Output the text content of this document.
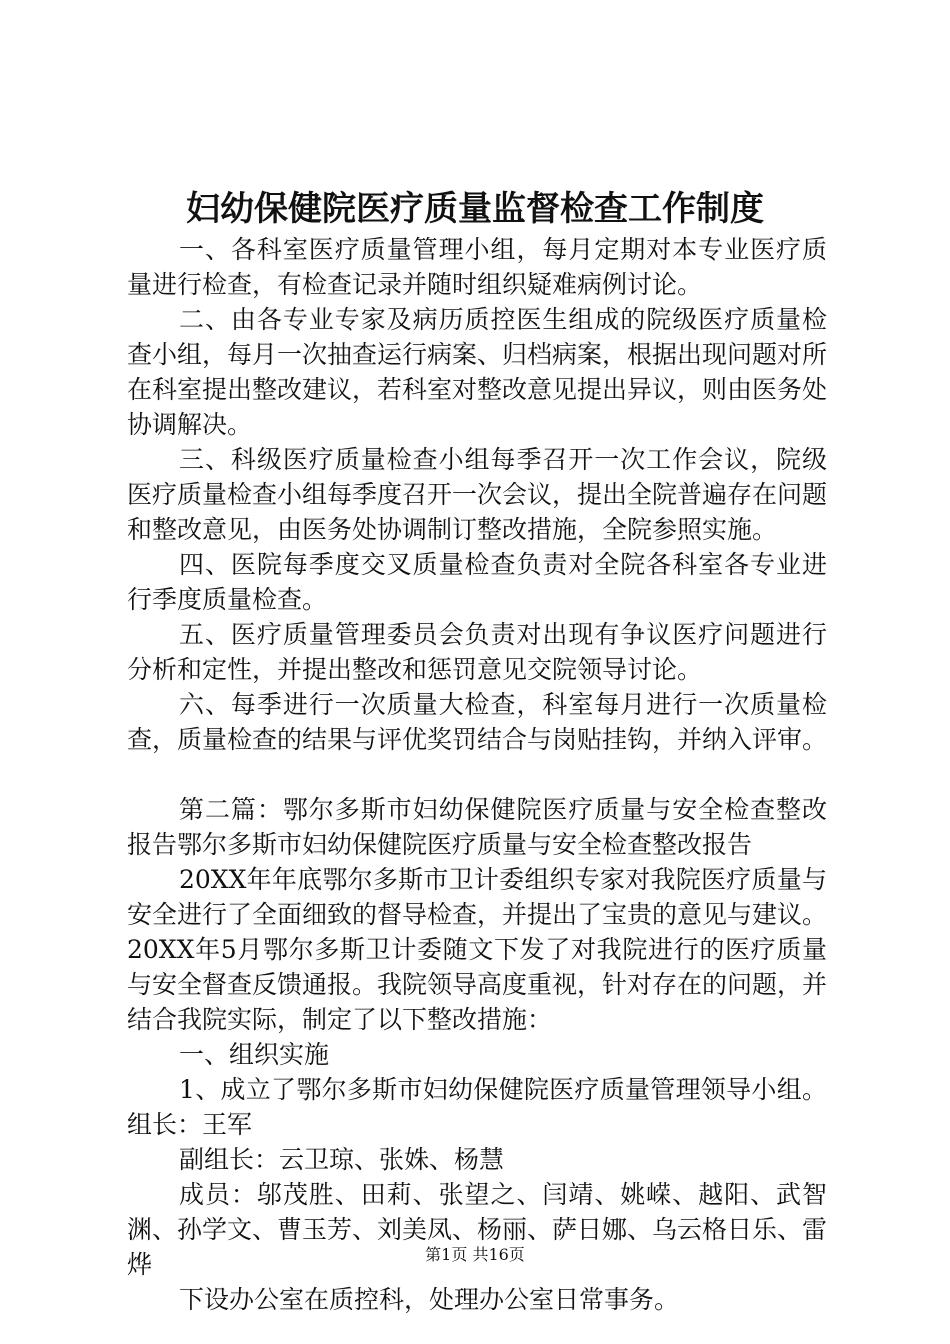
妇幼保健院医疗质量监督检查工作制度

一、各科室医疗质量管理小组，每月定期对本专业医疗质量进行检查，有检查记录并随时组织疑难病例讨论。

二、由各专业专家及病历质控医生组成的院级医疗质量检查小组，每月一次抽查运行病案、归档病案，根据出现问题对所在科室提出整改建议，若科室对整改意见提出异议，则由医务处协调解决。

三、科级医疗质量检查小组每季召开一次工作会议，院级医疗质量检查小组每季度召开一次会议，提出全院普遍存在问题和整改意见，由医务处协调制订整改措施，全院参照实施。

四、医院每季度交叉质量检查负责对全院各科室各专业进行季度质量检查。

五、医疗质量管理委员会负责对出现有争议医疗问题进行分析和定性，并提出整改和惩罚意见交院领导讨论。

六、每季进行一次质量大检查，科室每月进行一次质量检查，质量检查的结果与评优奖罚结合与岗贴挂钩，并纳入评审。

第二篇：鄂尔多斯市妇幼保健院医疗质量与安全检查整改报告鄂尔多斯市妇幼保健院医疗质量与安全检查整改报告

20XX年年底鄂尔多斯市卫计委组织专家对我院医疗质量与安全进行了全面细致的督导检查，并提出了宝贵的意见与建议。20XX年5月鄂尔多斯卫计委随文下发了对我院进行的医疗质量与安全督查反馈通报。我院领导高度重视，针对存在的问题，并结合我院实际，制定了以下整改措施：

一、组织实施

1、成立了鄂尔多斯市妇幼保健院医疗质量管理领导小组。组长：王军

副组长：云卫琼、张姝、杨慧

成员：邬茂胜、田莉、张望之、闫靖、姚嵘、越阳、武智渊、孙学文、曹玉芳、刘美凤、杨丽、萨日娜、乌云格日乐、雷烨

下设办公室在质控科，处理办公室日常事务。

第1页 共16页
